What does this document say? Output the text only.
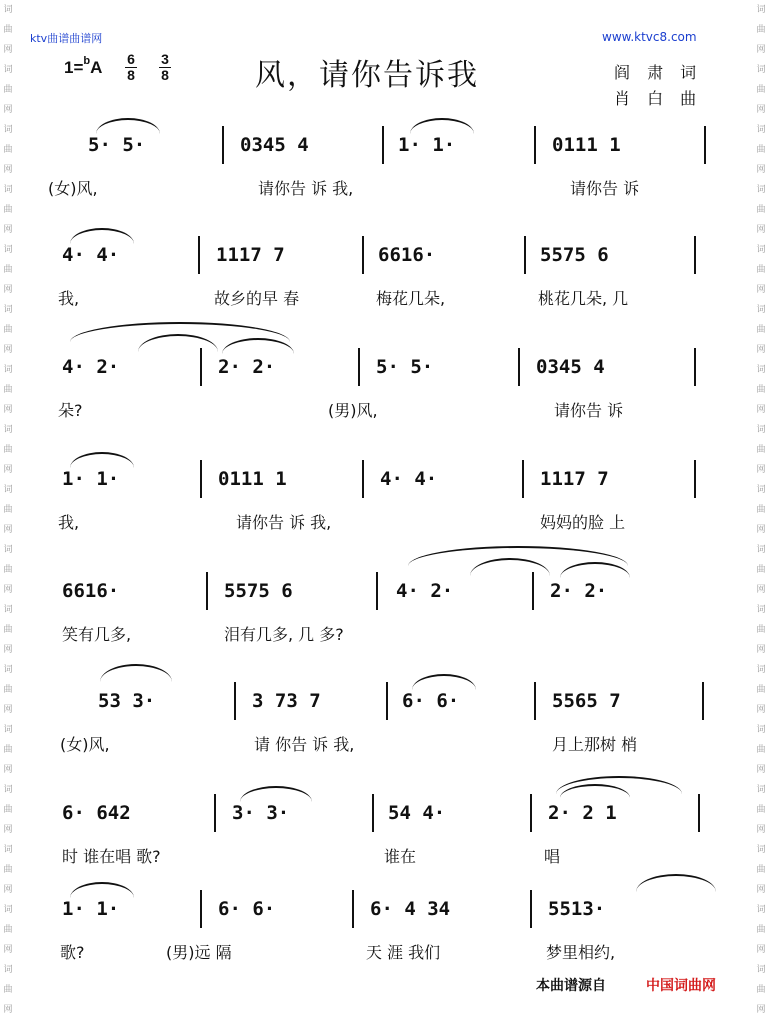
词
曲
网
词
曲
网
词
曲
网
词
曲
网
词
曲
网
词
曲
网
词
曲
网
词
曲
网
词
曲
网
词
曲
网
词
曲
网
词
曲
网
词
曲
网
词
曲
网
词
曲
网
词
曲
网
词
曲
网
词
曲
网
词
曲
网
词
曲
网
词
曲
网
词
曲
网
词
曲
网
词
曲
网
词
曲
网
词
曲
网
词
曲
网
词
曲
网
词
曲
网
词
曲
网
词
曲
网
词
曲
网
词
曲
网
词
曲
网
ktv曲谱曲谱网	www.ktvc8.com
1=$^b$A 6
8
3
8	风，请你告诉我	阎 肃 词
肖 白 曲
5· 5·	0345 4	1· 1·	0111 1
(女)风,	请你告 诉 我,	请你告 诉
4· 4·	1117 7	6616·	5575 6
我,	故乡的早 春	梅花几朵,	桃花几朵, 几
4· 2·	2· 2·	5· 5·	0345 4
朵?	(男)风,	请你告 诉
1· 1·	0111 1	4· 4·	1117 7
我,	请你告 诉 我,	妈妈的脸 上
6616·	5575 6	4· 2·	2· 2·
笑有几多,	泪有几多, 几 多?
53 3·	3 73 7	6· 6·	5565 7
(女)风,	请 你告 诉 我,	月上那树 梢
6· 642	3· 3·	54 4·	2· 2 1
时 谁在唱 歌?	谁在	唱
1· 1·	6· 6·	6· 4 34	5513·
歌?	(男)远 隔	天 涯 我们	梦里相约,
本曲谱源自	中国词曲网
